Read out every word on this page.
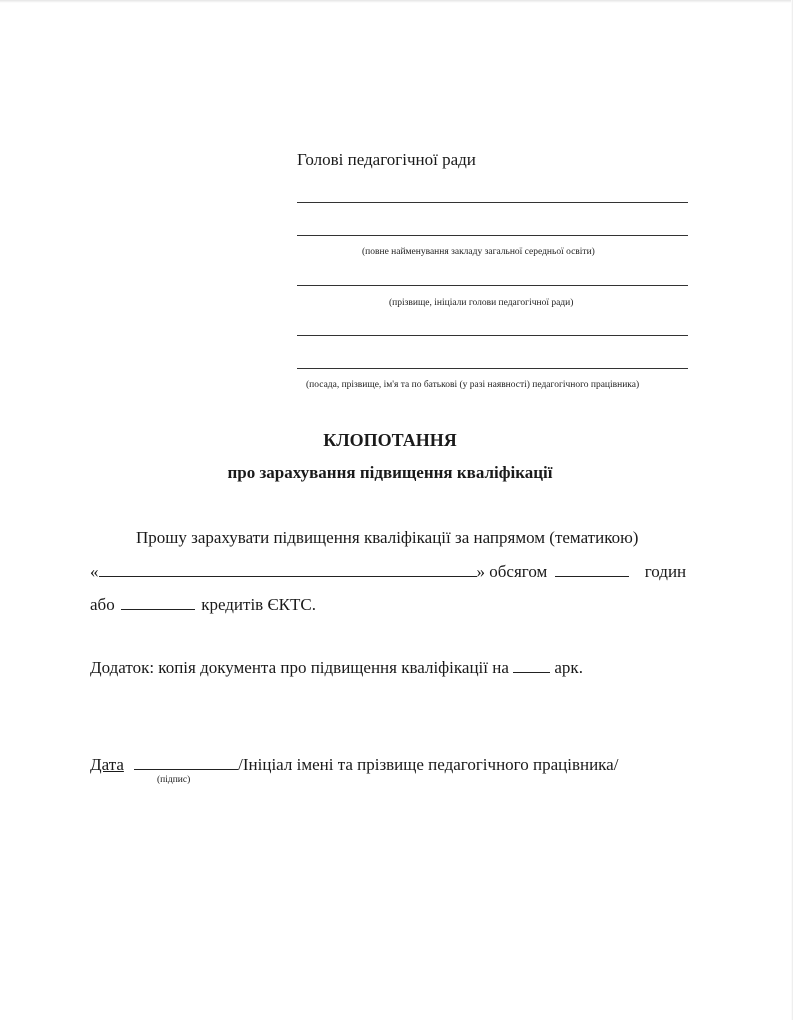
Голові педагогічної ради
(повне найменування закладу загальної середньої освіти)
(прізвище, ініціали голови педагогічної ради)
(посада, прізвище, ім'я та по батькові (у разі наявності) педагогічного працівника)
КЛОПОТАННЯ
про зарахування підвищення кваліфікації
Прошу зарахувати підвищення кваліфікації за напрямом (тематикою)
«	» обсягом	годин
або	кредитів ЄКТС.
Додаток: копія документа про підвищення кваліфікації на	арк.
Дата	/Ініціал імені та прізвище педагогічного працівника/
(підпис)
